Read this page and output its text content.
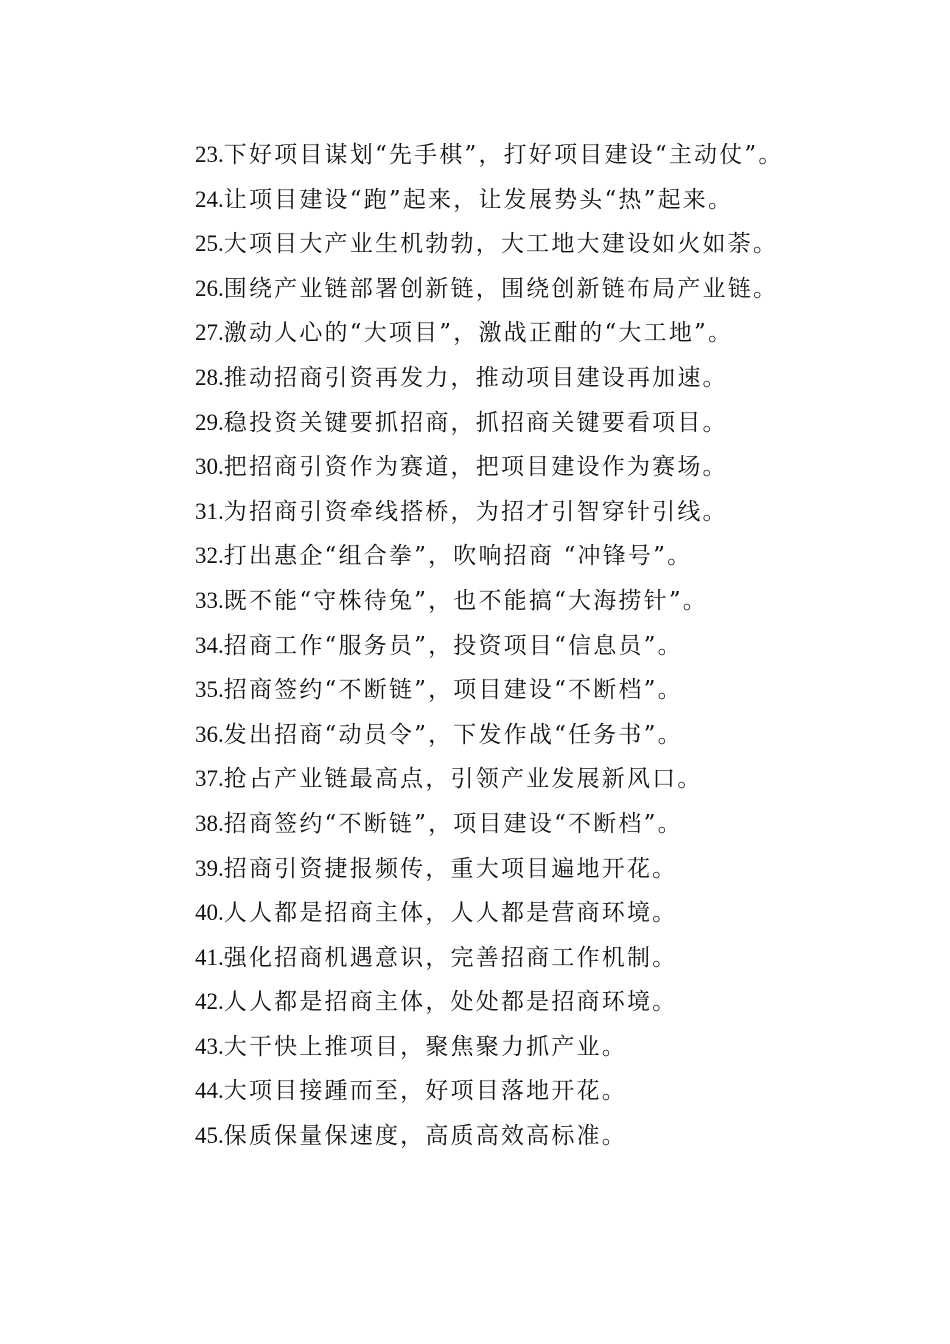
23.下好项目谋划“先手棋”，打好项目建设“主动仗”。
24.让项目建设“跑”起来，让发展势头“热”起来。
25.大项目大产业生机勃勃，大工地大建设如火如荼。
26.围绕产业链部署创新链，围绕创新链布局产业链。
27.激动人心的“大项目”，激战正酣的“大工地”。
28.推动招商引资再发力，推动项目建设再加速。
29.稳投资关键要抓招商，抓招商关键要看项目。
30.把招商引资作为赛道，把项目建设作为赛场。
31.为招商引资牵线搭桥，为招才引智穿针引线。
32.打出惠企“组合拳”，吹响招商 “冲锋号”。
33.既不能“守株待兔”，也不能搞“大海捞针”。
34.招商工作“服务员”，投资项目“信息员”。
35.招商签约“不断链”，项目建设“不断档”。
36.发出招商“动员令”，下发作战“任务书”。
37.抢占产业链最高点，引领产业发展新风口。
38.招商签约“不断链”，项目建设“不断档”。
39.招商引资捷报频传，重大项目遍地开花。
40.人人都是招商主体，人人都是营商环境。
41.强化招商机遇意识，完善招商工作机制。
42.人人都是招商主体，处处都是招商环境。
43.大干快上推项目，聚焦聚力抓产业。
44.大项目接踵而至，好项目落地开花。
45.保质保量保速度，高质高效高标准。
